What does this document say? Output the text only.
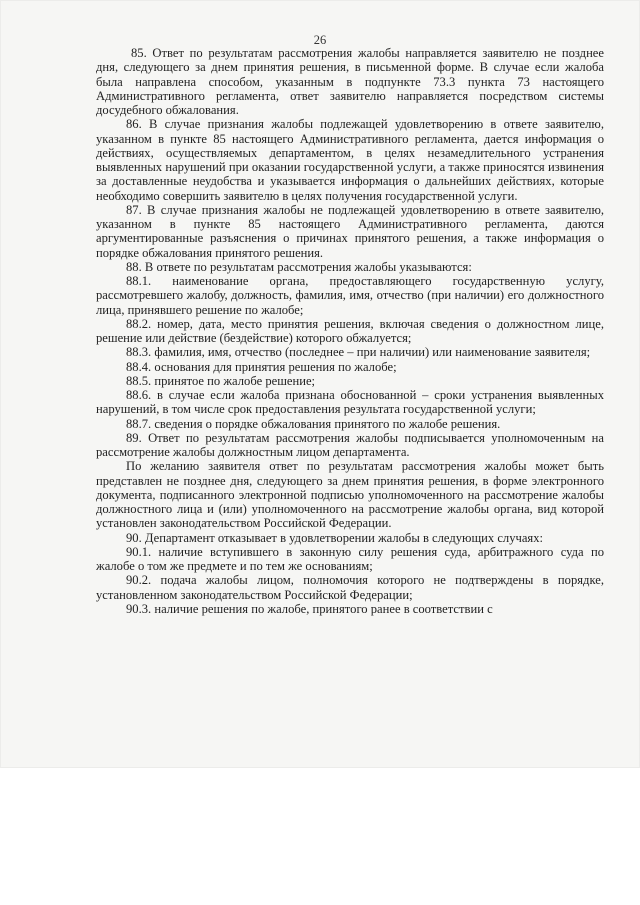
26

85. Ответ по результатам рассмотрения жалобы направляется заявителю не позднее дня, следующего за днем принятия решения, в письменной форме. В случае если жалоба была направлена способом, указанным в подпункте 73.3 пункта 73 настоящего Административного регламента, ответ заявителю направляется посредством системы досудебного обжалования.

86. В случае признания жалобы подлежащей удовлетворению в ответе заявителю, указанном в пункте 85 настоящего Административного регламента, дается информация о действиях, осуществляемых департаментом, в целях незамедлительного устранения выявленных нарушений при оказании государственной услуги, а также приносятся извинения за доставленные неудобства и указывается информация о дальнейших действиях, которые необходимо совершить заявителю в целях получения государственной услуги.

87. В случае признания жалобы не подлежащей удовлетворению в ответе заявителю, указанном в пункте 85 настоящего Административного регламента, даются аргументированные разъяснения о причинах принятого решения, а также информация о порядке обжалования принятого решения.

88. В ответе по результатам рассмотрения жалобы указываются:

88.1. наименование органа, предоставляющего государственную услугу, рассмотревшего жалобу, должность, фамилия, имя, отчество (при наличии) его должностного лица, принявшего решение по жалобе;

88.2. номер, дата, место принятия решения, включая сведения о должностном лице, решение или действие (бездействие) которого обжалуется;

88.3. фамилия, имя, отчество (последнее – при наличии) или наименование заявителя;

88.4. основания для принятия решения по жалобе;

88.5. принятое по жалобе решение;

88.6. в случае если жалоба признана обоснованной – сроки устранения выявленных нарушений, в том числе срок предоставления результата государственной услуги;

88.7. сведения о порядке обжалования принятого по жалобе решения.

89. Ответ по результатам рассмотрения жалобы подписывается уполномоченным на рассмотрение жалобы должностным лицом департамента.

По желанию заявителя ответ по результатам рассмотрения жалобы может быть представлен не позднее дня, следующего за днем принятия решения, в форме электронного документа, подписанного электронной подписью уполномоченного на рассмотрение жалобы должностного лица и (или) уполномоченного на рассмотрение жалобы органа, вид которой установлен законодательством Российской Федерации.

90. Департамент отказывает в удовлетворении жалобы в следующих случаях:

90.1. наличие вступившего в законную силу решения суда, арбитражного суда по жалобе о том же предмете и по тем же основаниям;

90.2. подача жалобы лицом, полномочия которого не подтверждены в порядке, установленном законодательством Российской Федерации;

90.3. наличие решения по жалобе, принятого ранее в соответствии с
